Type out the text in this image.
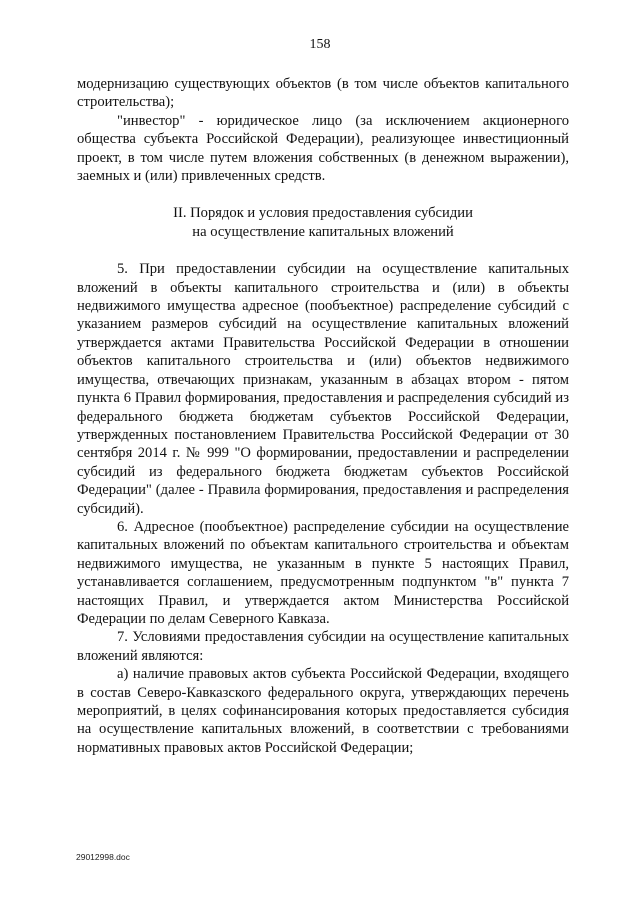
158

модернизацию существующих объектов (в том числе объектов капитального строительства);

"инвестор" - юридическое лицо (за исключением акционерного общества субъекта Российской Федерации), реализующее инвестиционный проект, в том числе путем вложения собственных (в денежном выражении), заемных и (или) привлеченных средств.

II. Порядок и условия предоставления субсидии
на осуществление капитальных вложений

5. При предоставлении субсидии на осуществление капитальных вложений в объекты капитального строительства и (или) в объекты недвижимого имущества адресное (пообъектное) распределение субсидий с указанием размеров субсидий на осуществление капитальных вложений утверждается актами Правительства Российской Федерации в отношении объектов капитального строительства и (или) объектов недвижимого имущества, отвечающих признакам, указанным в абзацах втором - пятом пункта 6 Правил формирования, предоставления и распределения субсидий из федерального бюджета бюджетам субъектов Российской Федерации, утвержденных постановлением Правительства Российской Федерации от 30 сентября 2014 г. № 999 "О формировании, предоставлении и распределении субсидий из федерального бюджета бюджетам субъектов Российской Федерации" (далее - Правила формирования, предоставления и распределения субсидий).

6. Адресное (пообъектное) распределение субсидии на осуществление капитальных вложений по объектам капитального строительства и объектам недвижимого имущества, не указанным в пункте 5 настоящих Правил, устанавливается соглашением, предусмотренным подпунктом "в" пункта 7 настоящих Правил, и утверждается актом Министерства Российской Федерации по делам Северного Кавказа.

7. Условиями предоставления субсидии на осуществление капитальных вложений являются:

а) наличие правовых актов субъекта Российской Федерации, входящего в состав Северо-Кавказского федерального округа, утверждающих перечень мероприятий, в целях софинансирования которых предоставляется субсидия на осуществление капитальных вложений, в соответствии с требованиями нормативных правовых актов Российской Федерации;

29012998.doc
